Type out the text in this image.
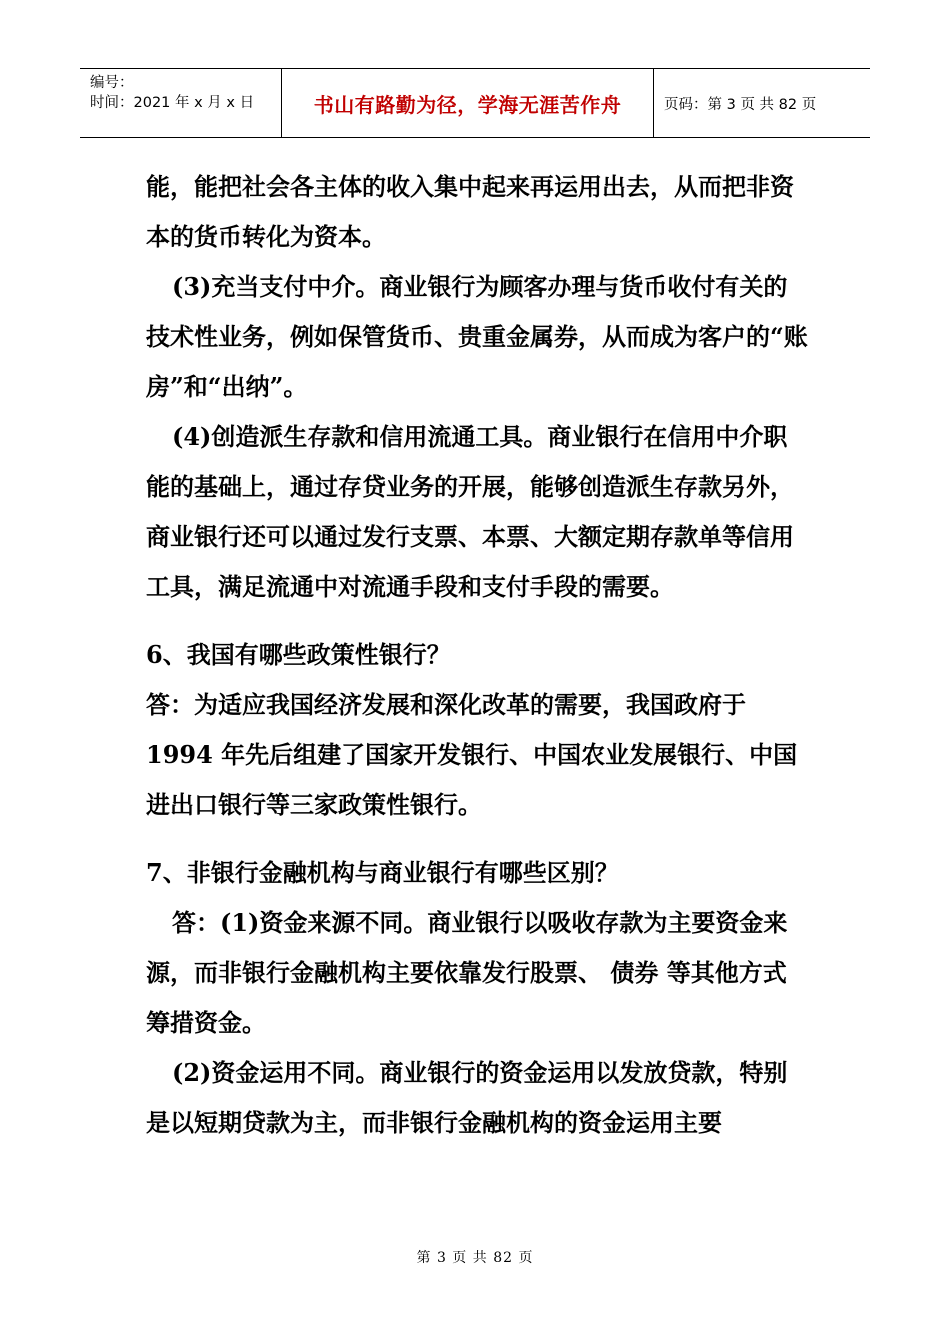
编号：
时间：2021 年 x 月 x 日	书山有路勤为径，学海无涯苦作舟	页码：第 3 页 共 82 页

能，能把社会各主体的收入集中起来再运用出去，从而把非资本的货币转化为资本。

(3)充当支付中介。商业银行为顾客办理与货币收付有关的技术性业务，例如保管货币、贵重金属券，从而成为客户的“账房”和“出纳”。

(4)创造派生存款和信用流通工具。商业银行在信用中介职能的基础上，通过存贷业务的开展，能够创造派生存款另外，商业银行还可以通过发行支票、本票、大额定期存款单等信用工具，满足流通中对流通手段和支付手段的需要。

6、我国有哪些政策性银行？

答：为适应我国经济发展和深化改革的需要，我国政府于 1994 年先后组建了国家开发银行、中国农业发展银行、中国进出口银行等三家政策性银行。

7、非银行金融机构与商业银行有哪些区别？

答：(1)资金来源不同。商业银行以吸收存款为主要资金来源，而非银行金融机构主要依靠发行股票、 债券 等其他方式筹措资金。

(2)资金运用不同。商业银行的资金运用以发放贷款，特别是以短期贷款为主，而非银行金融机构的资金运用主要

第 3 页 共 82 页
